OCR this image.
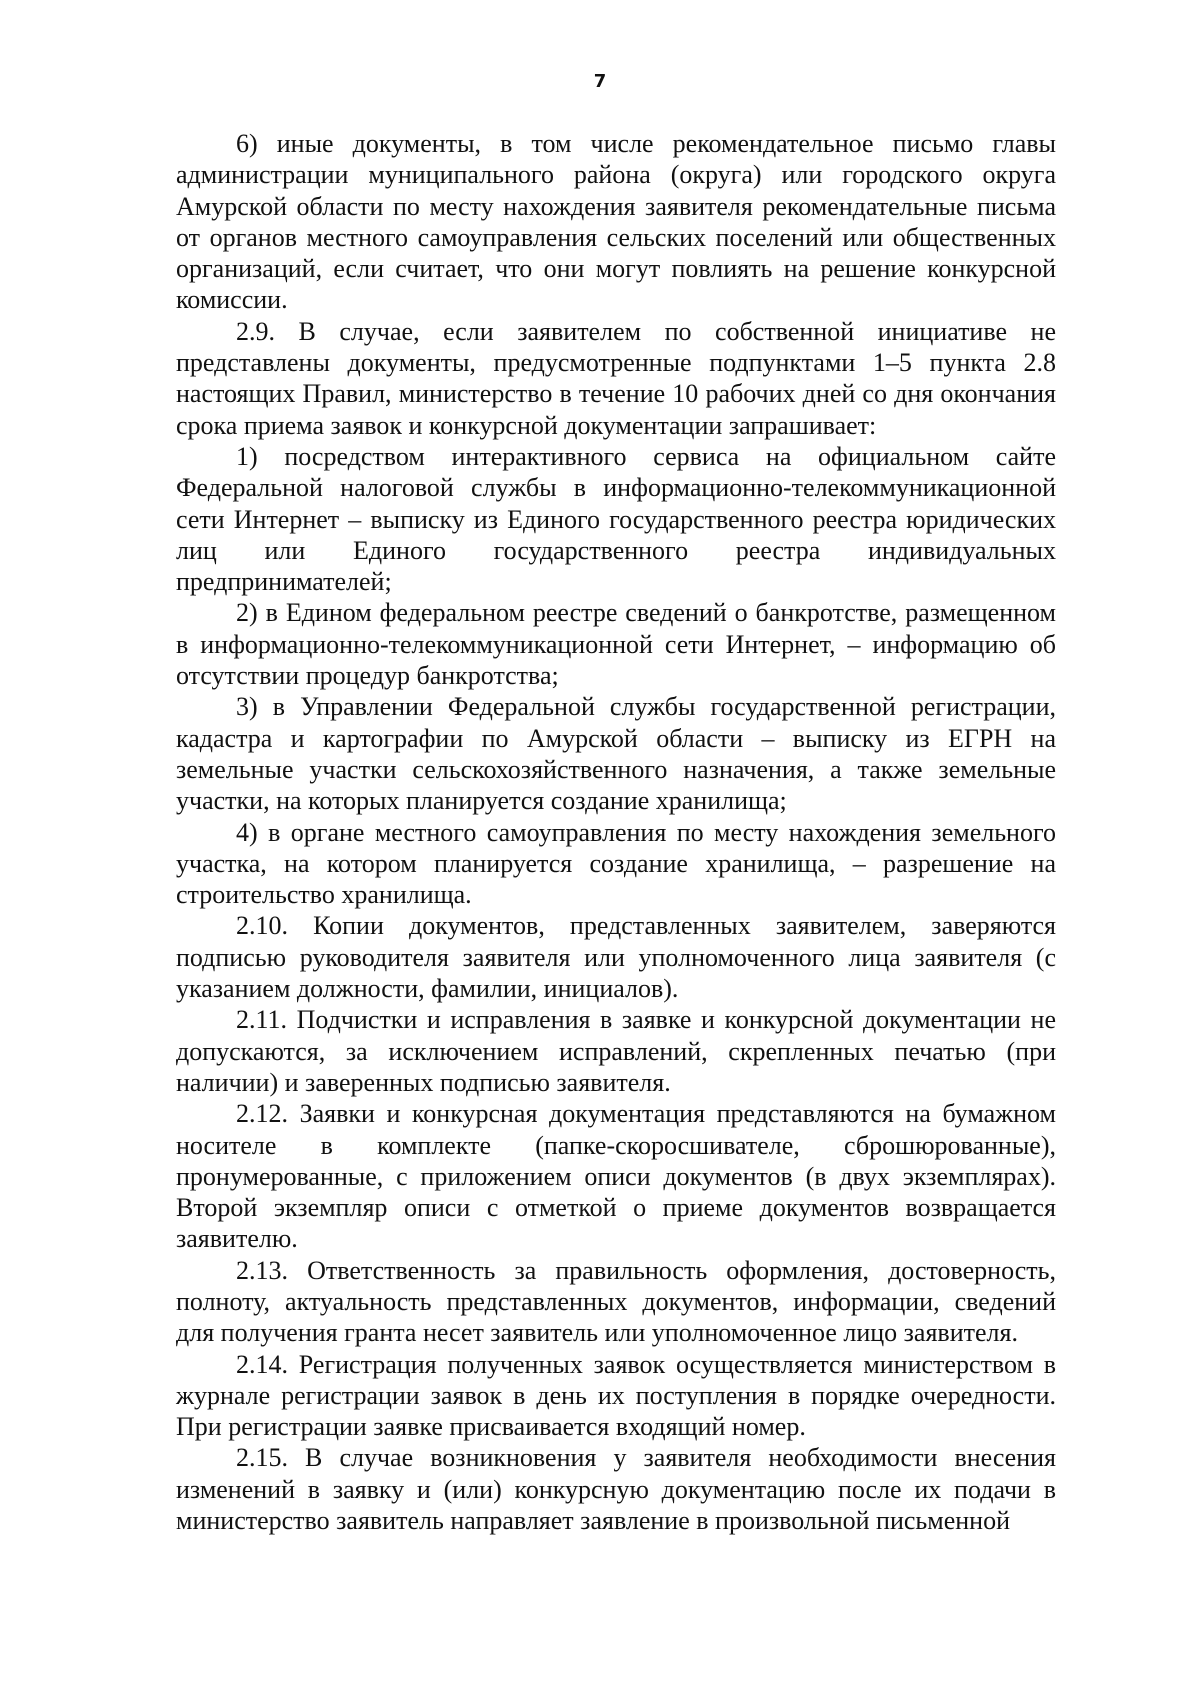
7

6) иные документы, в том числе рекомендательное письмо главы администрации муниципального района (округа) или городского округа Амурской области по месту нахождения заявителя рекомендательные письма от органов местного самоуправления сельских поселений или общественных организаций, если считает, что они могут повлиять на решение конкурсной комиссии.

2.9. В случае, если заявителем по собственной инициативе не представлены документы, предусмотренные подпунктами 1–5 пункта 2.8 настоящих Правил, министерство в течение 10 рабочих дней со дня окончания срока приема заявок и конкурсной документации запрашивает:

1) посредством интерактивного сервиса на официальном сайте Федеральной налоговой службы в информационно-телекоммуникационной сети Интернет – выписку из Единого государственного реестра юридических лиц или Единого государственного реестра индивидуальных предпринимателей;

2) в Едином федеральном реестре сведений о банкротстве, размещенном в информационно-телекоммуникационной сети Интернет, – информацию об отсутствии процедур банкротства;

3) в Управлении Федеральной службы государственной регистрации, кадастра и картографии по Амурской области – выписку из ЕГРН на земельные участки сельскохозяйственного назначения, а также земельные участки, на которых планируется создание хранилища;

4) в органе местного самоуправления по месту нахождения земельного участка, на котором планируется создание хранилища, – разрешение на строительство хранилища.

2.10. Копии документов, представленных заявителем, заверяются подписью руководителя заявителя или уполномоченного лица заявителя (с указанием должности, фамилии, инициалов).

2.11. Подчистки и исправления в заявке и конкурсной документации не допускаются, за исключением исправлений, скрепленных печатью (при наличии) и заверенных подписью заявителя.

2.12. Заявки и конкурсная документация представляются на бумажном носителе в комплекте (папке-скоросшивателе, сброшюрованные), пронумерованные, с приложением описи документов (в двух экземплярах). Второй экземпляр описи с отметкой о приеме документов возвращается заявителю.

2.13. Ответственность за правильность оформления, достоверность, полноту, актуальность представленных документов, информации, сведений для получения гранта несет заявитель или уполномоченное лицо заявителя.

2.14. Регистрация полученных заявок осуществляется министерством в журнале регистрации заявок в день их поступления в порядке очередности. При регистрации заявке присваивается входящий номер.

2.15. В случае возникновения у заявителя необходимости внесения изменений в заявку и (или) конкурсную документацию после их подачи в министерство заявитель направляет заявление в произвольной письменной
